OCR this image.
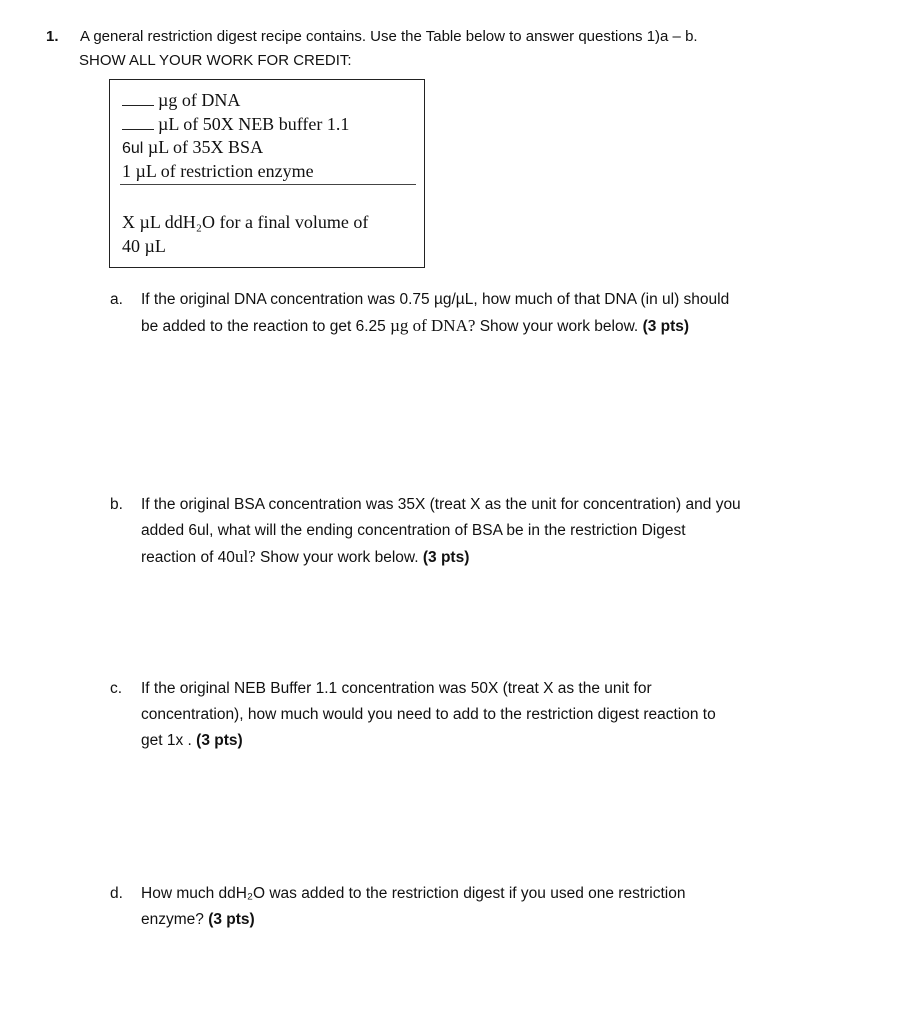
1. A general restriction digest recipe contains. Use the Table below to answer questions 1)a – b.
SHOW ALL YOUR WORK FOR CREDIT:
µg of DNA
µL of 50X NEB buffer 1.1
6ul µL of 35X BSA
1 µL of restriction enzyme
X µL ddH₂O for a final volume of
40 µL
a. If the original DNA concentration was 0.75 µg/µL, how much of that DNA (in ul) should
be added to the reaction to get 6.25 µg of DNA? Show your work below. (3 pts)
b. If the original BSA concentration was 35X (treat X as the unit for concentration) and you
added 6ul, what will the ending concentration of BSA be in the restriction Digest
reaction of 40ul? Show your work below. (3 pts)
c. If the original NEB Buffer 1.1 concentration was 50X (treat X as the unit for
concentration), how much would you need to add to the restriction digest reaction to
get 1x . (3 pts)
d. How much ddH₂O was added to the restriction digest if you used one restriction
enzyme? (3 pts)
